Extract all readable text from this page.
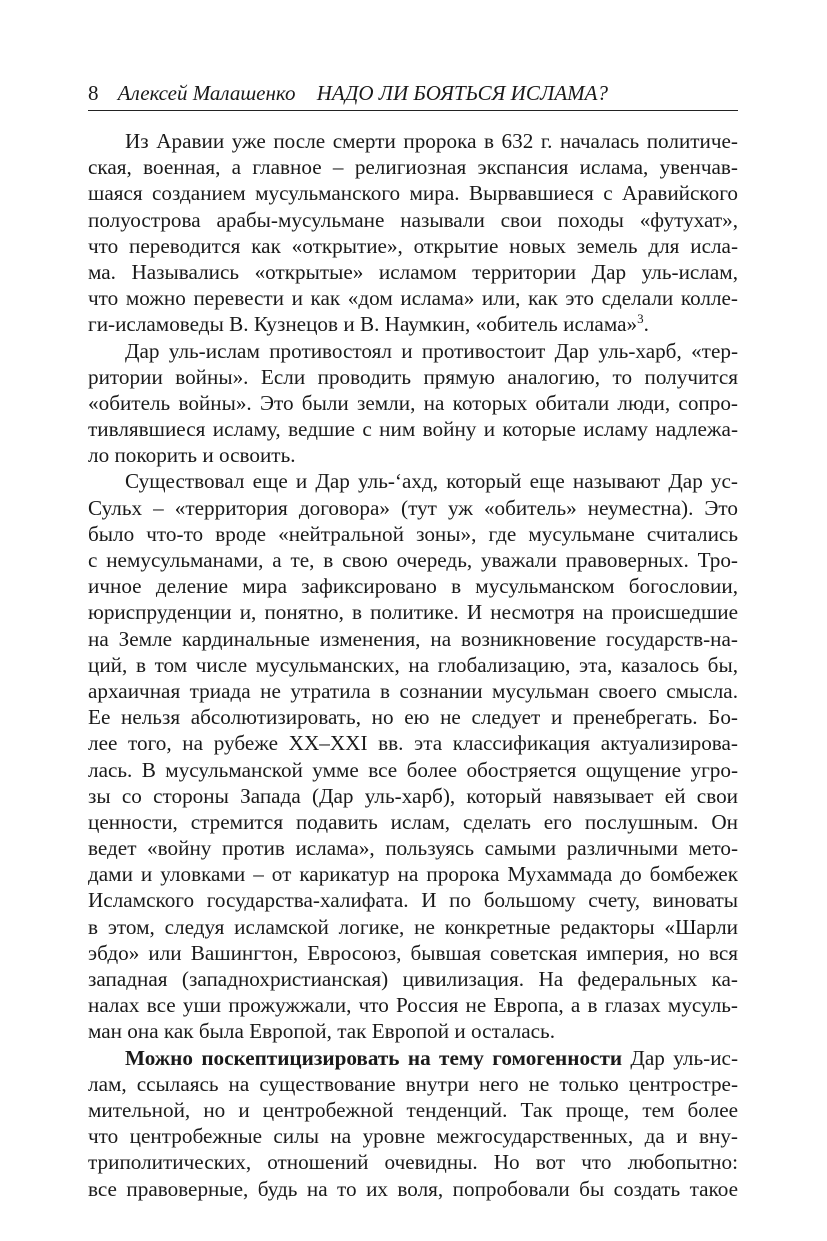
8 Алексей Малашенко НАДО ЛИ БОЯТЬСЯ ИСЛАМА?
Из Аравии уже после смерти пророка в 632 г. началась политиче-
ская, военная, а главное – религиозная экспансия ислама, увенчав-
шаяся созданием мусульманского мира. Вырвавшиеся с Аравийского
полуострова арабы-мусульмане называли свои походы «футухат»,
что переводится как «открытие», открытие новых земель для исла-
ма. Назывались «открытые» исламом территории Дар уль-ислам,
что можно перевести и как «дом ислама» или, как это сделали колле-
ги-исламоведы В. Кузнецов и В. Наумкин, «обитель ислама»$^3$.
Дар уль-ислам противостоял и противостоит Дар уль-харб, «тер-
ритории войны». Если проводить прямую аналогию, то получится
«обитель войны». Это были земли, на которых обитали люди, сопро-
тивлявшиеся исламу, ведшие с ним войну и которые исламу надлежа-
ло покорить и освоить.
Существовал еще и Дар уль-‘ахд, который еще называют Дар ус-
Сульх – «территория договора» (тут уж «обитель» неуместна). Это
было что-то вроде «нейтральной зоны», где мусульмане считались
с немусульманами, а те, в свою очередь, уважали правоверных. Тро-
ичное деление мира зафиксировано в мусульманском богословии,
юриспруденции и, понятно, в политике. И несмотря на происшедшие
на Земле кардинальные изменения, на возникновение государств-на-
ций, в том числе мусульманских, на глобализацию, эта, казалось бы,
архаичная триада не утратила в сознании мусульман своего смысла.
Ее нельзя абсолютизировать, но ею не следует и пренебрегать. Бо-
лее того, на рубеже XX–XXI вв. эта классификация актуализирова-
лась. В мусульманской умме все более обостряется ощущение угро-
зы со стороны Запада (Дар уль-харб), который навязывает ей свои
ценности, стремится подавить ислам, сделать его послушным. Он
ведет «войну против ислама», пользуясь самыми различными мето-
дами и уловками – от карикатур на пророка Мухаммада до бомбежек
Исламского государства-халифата. И по большому счету, виноваты
в этом, следуя исламской логике, не конкретные редакторы «Шарли
эбдо» или Вашингтон, Евросоюз, бывшая советская империя, но вся
западная (западнохристианская) цивилизация. На федеральных ка-
налах все уши прожужжали, что Россия не Европа, а в глазах мусуль-
ман она как была Европой, так Европой и осталась.
Можно поскептицизировать на тему гомогенности Дар уль-ис-
лам, ссылаясь на существование внутри него не только центростре-
мительной, но и центробежной тенденций. Так проще, тем более
что центробежные силы на уровне межгосударственных, да и вну-
триполитических, отношений очевидны. Но вот что любопытно:
все правоверные, будь на то их воля, попробовали бы создать такое
